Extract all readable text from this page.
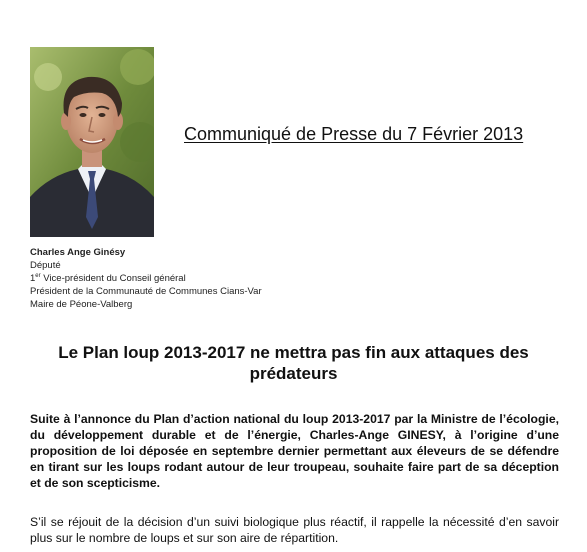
Communiqué de Presse du 7 Février 2013
Charles Ange Ginésy
Député
1er Vice-président du Conseil général
Président de la Communauté de Communes Cians-Var
Maire de Péone-Valberg
Le Plan loup 2013-2017 ne mettra pas fin aux attaques des prédateurs
Suite à l’annonce du Plan d’action national du loup 2013-2017 par la Ministre de l’écologie, du développement durable et de l’énergie, Charles-Ange GINESY, à l’origine d’une proposition de loi déposée en septembre dernier permettant aux éleveurs de se défendre en tirant sur les loups rodant autour de leur troupeau, souhaite faire part de sa déception et de son scepticisme.
S’il se réjouit de la décision d’un suivi biologique plus réactif, il rappelle la nécessité d’en savoir plus sur le nombre de loups et sur son aire de répartition.
